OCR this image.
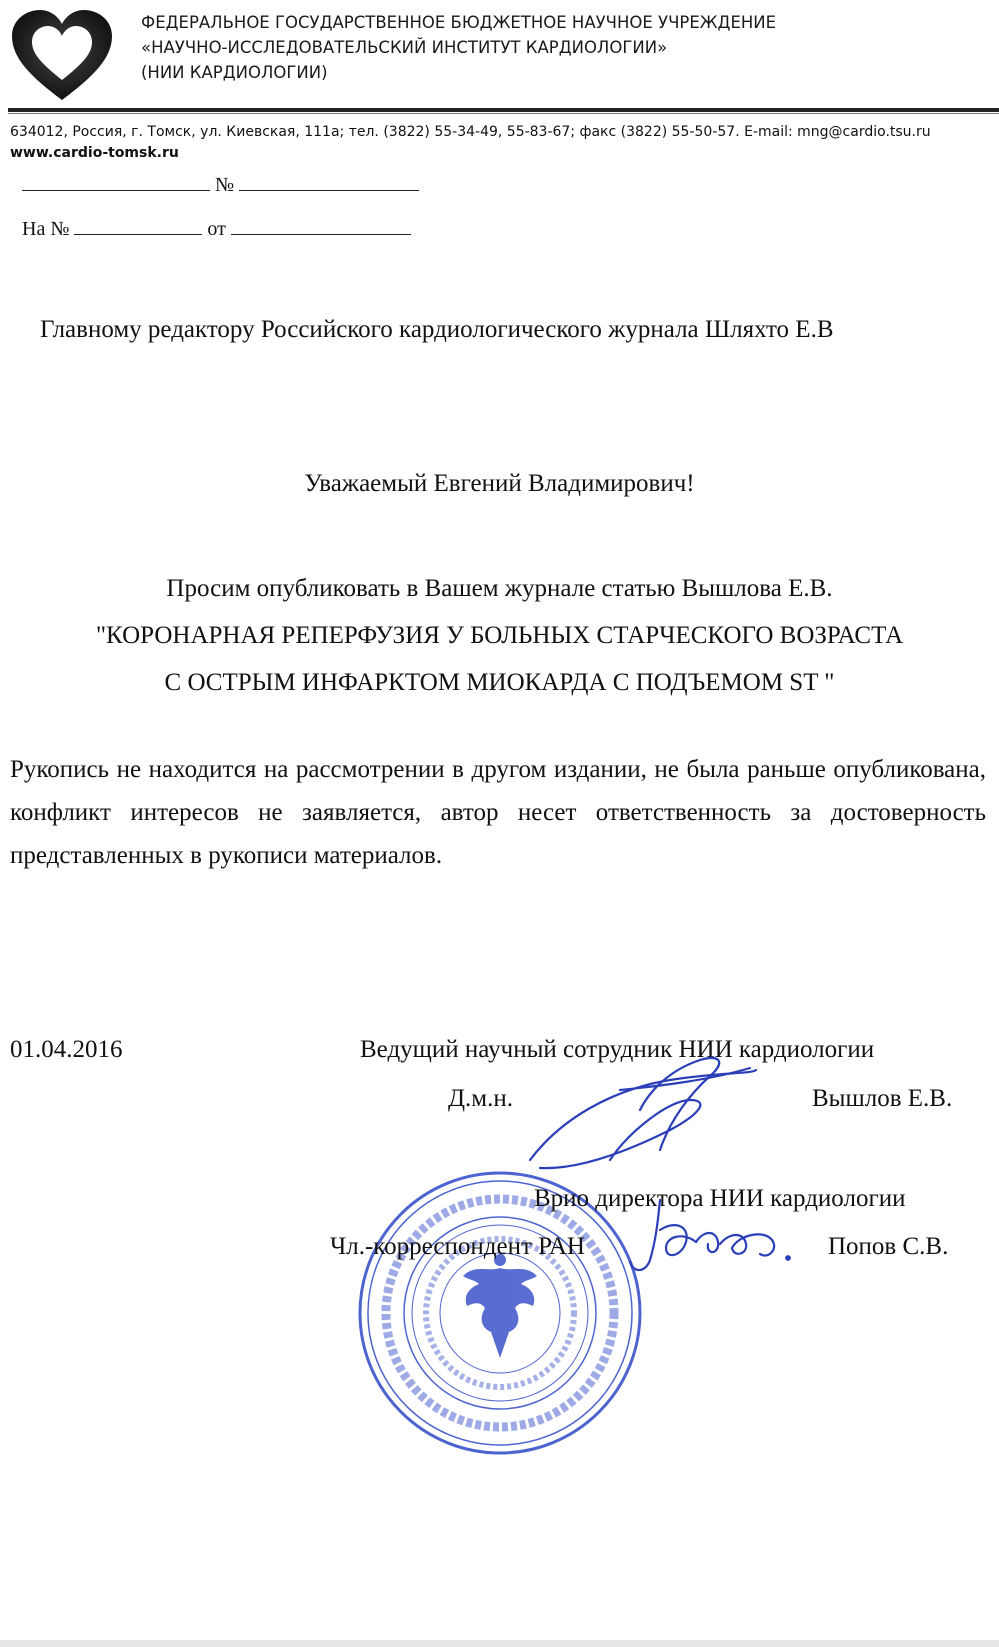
ФЕДЕРАЛЬНОЕ ГОСУДАРСТВЕННОЕ БЮДЖЕТНОЕ НАУЧНОЕ УЧРЕЖДЕНИЕ
«НАУЧНО-ИССЛЕДОВАТЕЛЬСКИЙ ИНСТИТУТ КАРДИОЛОГИИ»
(НИИ КАРДИОЛОГИИ)
634012, Россия, г. Томск, ул. Киевская, 111а; тел. (3822) 55-34-49, 55-83-67; факс (3822) 55-50-57. E-mail: mng@cardio.tsu.ru
www.cardio-tomsk.ru
№
На №	от
Главному редактору Российского кардиологического журнала Шляхто Е.В
Уважаемый Евгений Владимирович!
Просим опубликовать в Вашем журнале статью Вышлова Е.В.
"КОРОНАРНАЯ РЕПЕРФУЗИЯ У БОЛЬНЫХ СТАРЧЕСКОГО ВОЗРАСТА
С ОСТРЫМ ИНФАРКТОМ МИОКАРДА С ПОДЪЕМОМ ST "
Рукопись не находится на рассмотрении в другом издании, не была раньше опубликована, конфликт интересов не заявляется, автор несет ответственность за достоверность представленных в рукописи материалов.
01.04.2016	Ведущий научный сотрудник НИИ кардиологии
Д.м.н.	Вышлов Е.В.
Врио директора НИИ кардиологии
Чл.-корреспондент РАН	Попов С.В.
